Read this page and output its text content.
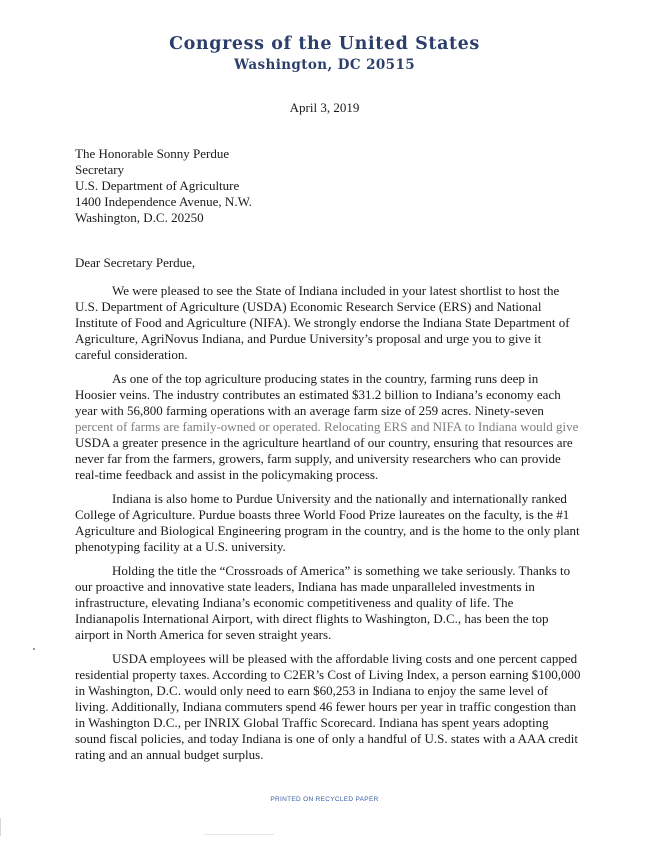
Congress of the United States
Washington, DC 20515
April 3, 2019
The Honorable Sonny Perdue
Secretary
U.S. Department of Agriculture
1400 Independence Avenue, N.W.
Washington, D.C. 20250
Dear Secretary Perdue,
We were pleased to see the State of Indiana included in your latest shortlist to host the
U.S. Department of Agriculture (USDA) Economic Research Service (ERS) and National
Institute of Food and Agriculture (NIFA). We strongly endorse the Indiana State Department of
Agriculture, AgriNovus Indiana, and Purdue University’s proposal and urge you to give it
careful consideration.
As one of the top agriculture producing states in the country, farming runs deep in
Hoosier veins. The industry contributes an estimated $31.2 billion to Indiana’s economy each
year with 56,800 farming operations with an average farm size of 259 acres. Ninety-seven
percent of farms are family-owned or operated. Relocating ERS and NIFA to Indiana would give
USDA a greater presence in the agriculture heartland of our country, ensuring that resources are
never far from the farmers, growers, farm supply, and university researchers who can provide
real-time feedback and assist in the policymaking process.
Indiana is also home to Purdue University and the nationally and internationally ranked
College of Agriculture. Purdue boasts three World Food Prize laureates on the faculty, is the #1
Agriculture and Biological Engineering program in the country, and is the home to the only plant
phenotyping facility at a U.S. university.
Holding the title the “Crossroads of America” is something we take seriously. Thanks to
our proactive and innovative state leaders, Indiana has made unparalleled investments in
infrastructure, elevating Indiana’s economic competitiveness and quality of life. The
Indianapolis International Airport, with direct flights to Washington, D.C., has been the top
airport in North America for seven straight years.
USDA employees will be pleased with the affordable living costs and one percent capped
residential property taxes. According to C2ER’s Cost of Living Index, a person earning $100,000
in Washington, D.C. would only need to earn $60,253 in Indiana to enjoy the same level of
living. Additionally, Indiana commuters spend 46 fewer hours per year in traffic congestion than
in Washington D.C., per INRIX Global Traffic Scorecard. Indiana has spent years adopting
sound fiscal policies, and today Indiana is one of only a handful of U.S. states with a AAA credit
rating and an annual budget surplus.
PRINTED ON RECYCLED PAPER
